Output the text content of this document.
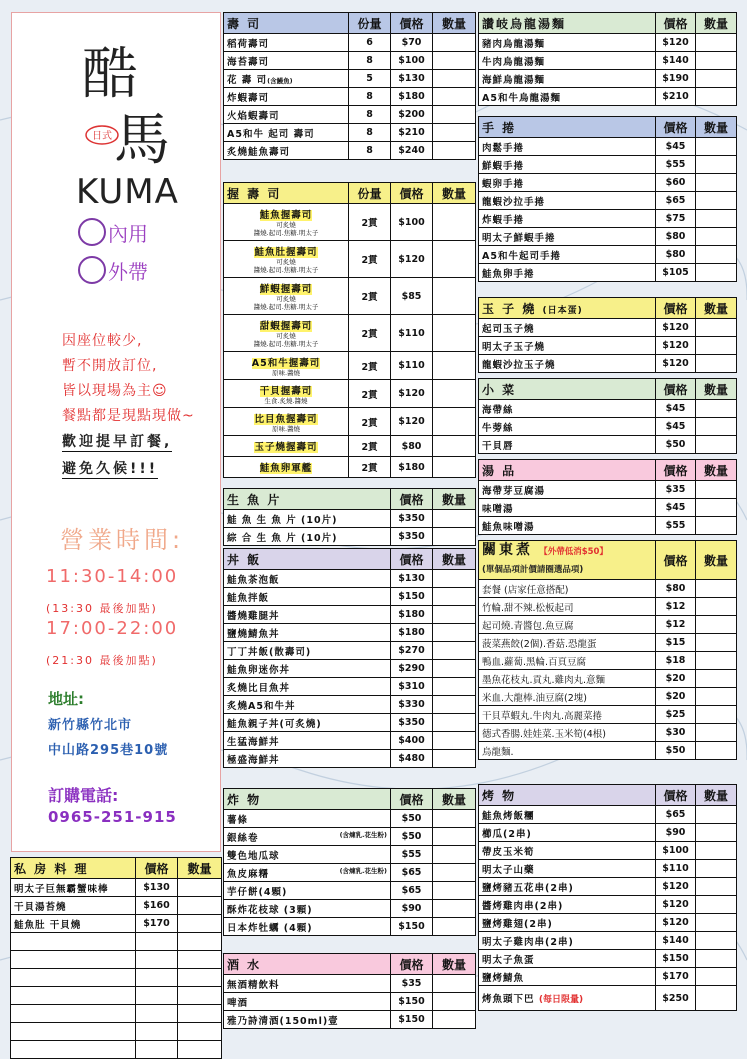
酷
馬
日式
KUMA
內用
外帶
因座位較少,
暫不開放訂位,
皆以現場為主☺
餐點都是現點現做~
歡迎提早訂餐,
避免久候!!!
營業時間:
11:30-14:00
(13:30 最後加點)
17:00-22:00
(21:30 最後加點)
地址:
新竹縣竹北市
中山路295巷10號
訂購電話:
0965-251-915
私 房 料 理	價格	數量
明太子巨無霸蟹味棒	$130	
干貝湯苔燒	$160	
鮭魚肚 干貝燒	$170	

壽 司	份量	價格	數量
稻荷壽司	6	$70	
海苔壽司	8	$100	
花 壽 司(含鰻魚)	5	$130	
炸蝦壽司	8	$180	
火焰蝦壽司	8	$200	
A5和牛 起司 壽司	8	$210	
炙燒鮭魚壽司	8	$240	
握 壽 司	份量	價格	數量
鮭魚握壽司
可炙燒
醬燒.起司.焦糖.明太子	2貫	$100	
鮭魚肚握壽司
可炙燒
醬燒.起司.焦糖.明太子	2貫	$120	
鮮蝦握壽司
可炙燒
醬燒.起司.焦糖.明太子	2貫	$85	
甜蝦握壽司
可炙燒
醬燒.起司.焦糖.明太子	2貫	$110	
A5和牛握壽司
原味.醬燒	2貫	$110	
干貝握壽司
生食.炙燒.醬燒	2貫	$120	
比目魚握壽司
原味.醬燒	2貫	$120	
玉子燒握壽司	2貫	$80	
鮭魚卵軍艦	2貫	$180	
生 魚 片	價格	數量
鮭 魚 生 魚 片 (10片)	$350	
綜 合 生 魚 片 (10片)	$350	
丼 飯	價格	數量
鮭魚茶泡飯	$130	
鮭魚拌飯	$150	
醬燒雞腿丼	$180	
鹽燒鯖魚丼	$180	
丁丁丼飯(散壽司)	$270	
鮭魚卵迷你丼	$290	
炙燒比目魚丼	$310	
炙燒A5和牛丼	$330	
鮭魚親子丼(可炙燒)	$350	
生猛海鮮丼	$400	
極盛海鮮丼	$480	
炸 物	價格	數量
薯條	$50	
銀絲卷 (含煉乳.花生粉)	$50	
雙色地瓜球	$55	
魚皮麻糬 (含煉乳.花生粉)	$65	
芋仔餅(4顆)	$65	
酥炸花枝球 (3顆)	$90	
日本炸牡蠣 (4顆)	$150	
酒 水	價格	數量
無酒精飲料	$35	
啤酒	$150	
雅乃詩清酒(150ml)壹	$150	
讚岐烏龍湯麵	價格	數量
豬肉烏龍湯麵	$120	
牛肉烏龍湯麵	$140	
海鮮烏龍湯麵	$190	
A5和牛烏龍湯麵	$210	
手 捲	價格	數量
肉鬆手捲	$45	
鮮蝦手捲	$55	
蝦卵手捲	$60	
龍蝦沙拉手捲	$65	
炸蝦手捲	$75	
明太子鮮蝦手捲	$80	
A5和牛起司手捲	$80	
鮭魚卵手捲	$105	
玉 子 燒 (日本蛋)	價格	數量
起司玉子燒	$120	
明太子玉子燒	$120	
龍蝦沙拉玉子燒	$120	
小 菜	價格	數量
海帶絲	$45	
牛蒡絲	$45	
干貝唇	$50	
湯 品	價格	數量
海帶芽豆腐湯	$35	
味噌湯	$45	
鮭魚味噌湯	$55	
關東煮 【外帶低消$50】
(單個品項計價請圈選品項)	價格	數量
套餐 (店家任意搭配)	$80	
竹輪.甜不辣.松板起司	$12	
起司燒.青醬包.魚豆腐	$12	
菠菜燕餃(2個).香菇.恐龍蛋	$15	
鴨血.蘿蔔.黑輪.百頁豆腐	$18	
墨魚花枝丸.貢丸.雞肉丸.意麵	$20	
米血.大龍棒.油豆腐(2塊)	$20	
干貝草蝦丸.牛肉丸.高麗菜捲	$25	
德式香腸.娃娃菜.玉米筍(4根)	$30	
烏龍麵.	$50	
烤 物	價格	數量
鮭魚烤飯糰	$65	
櫛瓜(2串)	$90	
帶皮玉米筍	$100	
明太子山藥	$110	
鹽烤豬五花串(2串)	$120	
醬烤雞肉串(2串)	$120	
鹽烤雞翅(2串)	$120	
明太子雞肉串(2串)	$140	
明太子魚蛋	$150	
鹽烤鯖魚	$170	
烤魚頭下巴 (每日限量)	$250	
